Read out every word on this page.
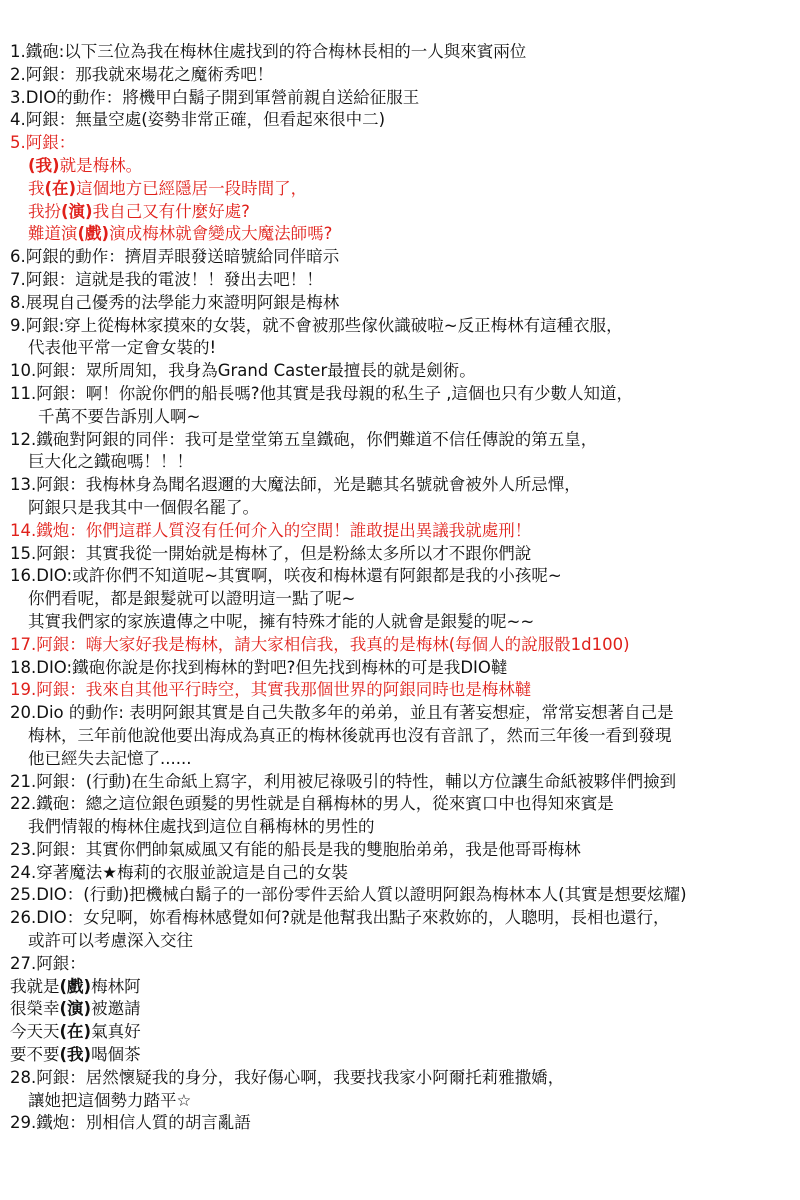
1.鐵砲:以下三位為我在梅林住處找到的符合梅林長相的一人與來賓兩位
2.阿銀：那我就來場花之魔術秀吧！
3.DIO的動作：將機甲白鬍子開到軍營前親自送給征服王
4.阿銀：無量空處(姿勢非常正確，但看起來很中二)
5.阿銀：
(我)就是梅林。
我(在)這個地方已經隱居一段時間了，
我扮(演)我自己又有什麼好處?
難道演(戲)演成梅林就會變成大魔法師嗎?
6.阿銀的動作：擠眉弄眼發送暗號給同伴暗示
7.阿銀：這就是我的電波！！發出去吧！！
8.展現自己優秀的法學能力來證明阿銀是梅林
9.阿銀:穿上從梅林家摸來的女裝，就不會被那些傢伙識破啦~反正梅林有這種衣服，
代表他平常一定會女裝的!
10.阿銀：眾所周知，我身為Grand Caster最擅長的就是劍術。
11.阿銀：啊！你說你們的船長嗎?他其實是我母親的私生子 ,這個也只有少數人知道，
千萬不要告訴別人啊~
12.鐵砲對阿銀的同伴：我可是堂堂第五皇鐵砲，你們難道不信任傳說的第五皇，
巨大化之鐵砲嗎！！！
13.阿銀：我梅林身為聞名遐邇的大魔法師，光是聽其名號就會被外人所忌憚，
阿銀只是我其中一個假名罷了。
14.鐵炮：你們這群人質沒有任何介入的空間！誰敢提出異議我就處刑！
15.阿銀：其實我從一開始就是梅林了，但是粉絲太多所以才不跟你們說
16.DIO:或許你們不知道呢~其實啊，咲夜和梅林還有阿銀都是我的小孩呢~
你們看呢，都是銀髮就可以證明這一點了呢~
其實我們家的家族遺傳之中呢，擁有特殊才能的人就會是銀髮的呢~~
17.阿銀：嗨大家好我是梅林，請大家相信我，我真的是梅林(每個人的說服骰1d100)
18.DIO:鐵砲你說是你找到梅林的對吧?但先找到梅林的可是我DIO韃
19.阿銀：我來自其他平行時空，其實我那個世界的阿銀同時也是梅林韃
20.Dio 的動作: 表明阿銀其實是自己失散多年的弟弟，並且有著妄想症，常常妄想著自己是
梅林，三年前他說他要出海成為真正的梅林後就再也沒有音訊了，然而三年後一看到發現
他已經失去記憶了......
21.阿銀：(行動)在生命紙上寫字，利用被尼祿吸引的特性，輔以方位讓生命紙被夥伴們撿到
22.鐵砲：總之這位銀色頭髮的男性就是自稱梅林的男人，從來賓口中也得知來賓是
我們情報的梅林住處找到這位自稱梅林的男性的
23.阿銀：其實你們帥氣威風又有能的船長是我的雙胞胎弟弟，我是他哥哥梅林
24.穿著魔法★梅莉的衣服並說這是自己的女裝
25.DIO：(行動)把機械白鬍子的一部份零件丟給人質以證明阿銀為梅林本人(其實是想要炫耀)
26.DIO：女兒啊，妳看梅林感覺如何?就是他幫我出點子來救妳的，人聰明，長相也還行，
或許可以考慮深入交往
27.阿銀：
我就是(戲)梅林阿
很榮幸(演)被邀請
今天天(在)氣真好
要不要(我)喝個茶
28.阿銀：居然懷疑我的身分，我好傷心啊，我要找我家小阿爾托莉雅撒嬌，
讓她把這個勢力踏平☆
29.鐵炮：別相信人質的胡言亂語
